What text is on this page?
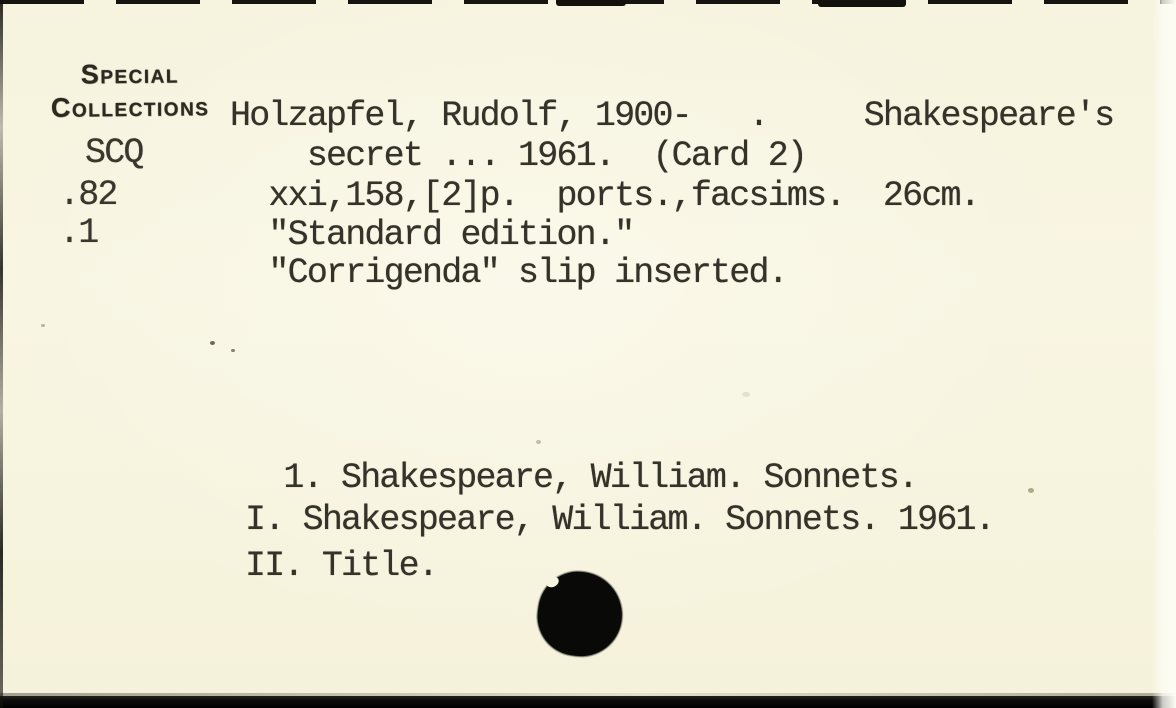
Special
Collections
SCQ
.82
.1
Holzapfel, Rudolf, 1900-   .     Shakespeare's
secret ... 1961.  (Card 2)
xxi,158,[2]p.  ports.,facsims.  26cm.
"Standard edition."
"Corrigenda" slip inserted.
1. Shakespeare, William. Sonnets.
I. Shakespeare, William. Sonnets. 1961.
II. Title.
